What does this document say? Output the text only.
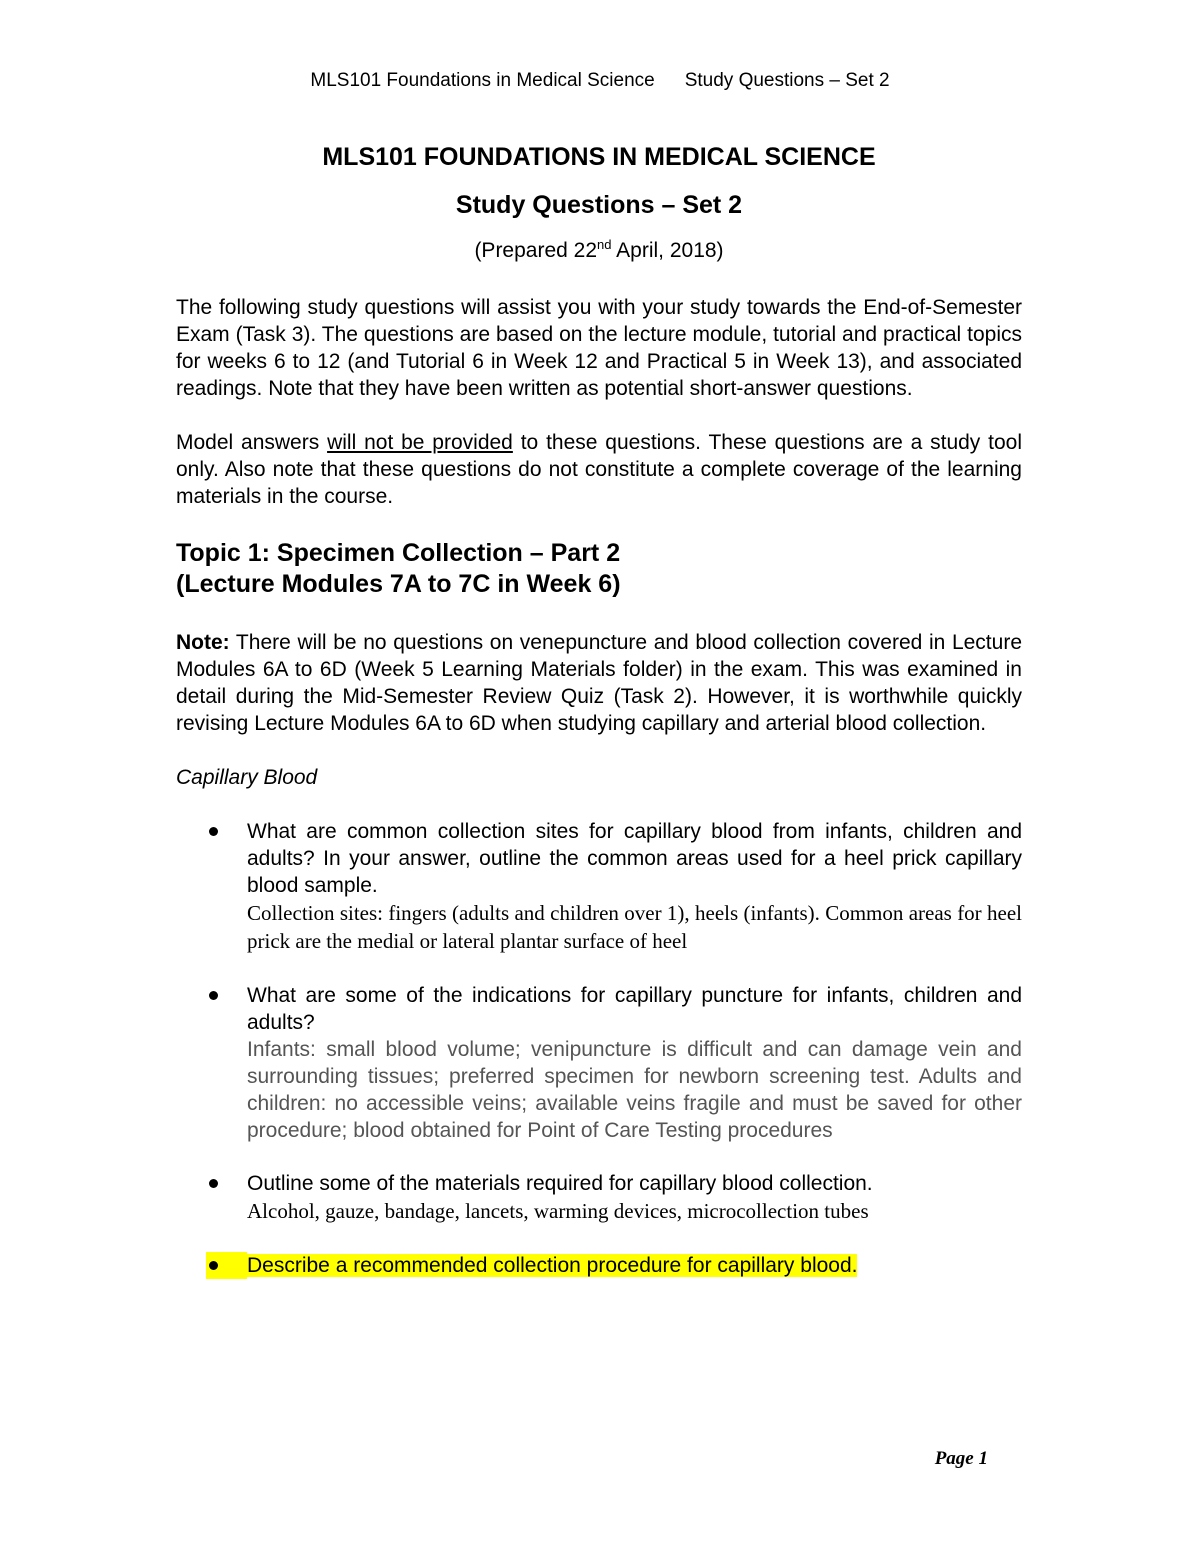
MLS101 Foundations in Medical Science Study Questions – Set 2
MLS101 FOUNDATIONS IN MEDICAL SCIENCE
Study Questions – Set 2

(Prepared 22nd April, 2018)

The following study questions will assist you with your study towards the End-of-Semester Exam (Task 3). The questions are based on the lecture module, tutorial and practical topics for weeks 6 to 12 (and Tutorial 6 in Week 12 and Practical 5 in Week 13), and associated readings. Note that they have been written as potential short-answer questions.

Model answers will not be provided to these questions. These questions are a study tool only. Also note that these questions do not constitute a complete coverage of the learning materials in the course.

Topic 1: Specimen Collection – Part 2
(Lecture Modules 7A to 7C in Week 6)

Note: There will be no questions on venepuncture and blood collection covered in Lecture Modules 6A to 6D (Week 5 Learning Materials folder) in the exam. This was examined in detail during the Mid-Semester Review Quiz (Task 2). However, it is worthwhile quickly revising Lecture Modules 6A to 6D when studying capillary and arterial blood collection.

Capillary Blood

What are common collection sites for capillary blood from infants, children and adults? In your answer, outline the common areas used for a heel prick capillary blood sample.

Collection sites: fingers (adults and children over 1), heels (infants). Common areas for heel prick are the medial or lateral plantar surface of heel

What are some of the indications for capillary puncture for infants, children and adults?

Infants: small blood volume; venipuncture is difficult and can damage vein and surrounding tissues; preferred specimen for newborn screening test. Adults and children: no accessible veins; available veins fragile and must be saved for other procedure; blood obtained for Point of Care Testing procedures

Outline some of the materials required for capillary blood collection.

Alcohol, gauze, bandage, lancets, warming devices, microcollection tubes

Describe a recommended collection procedure for capillary blood.

Page 1
